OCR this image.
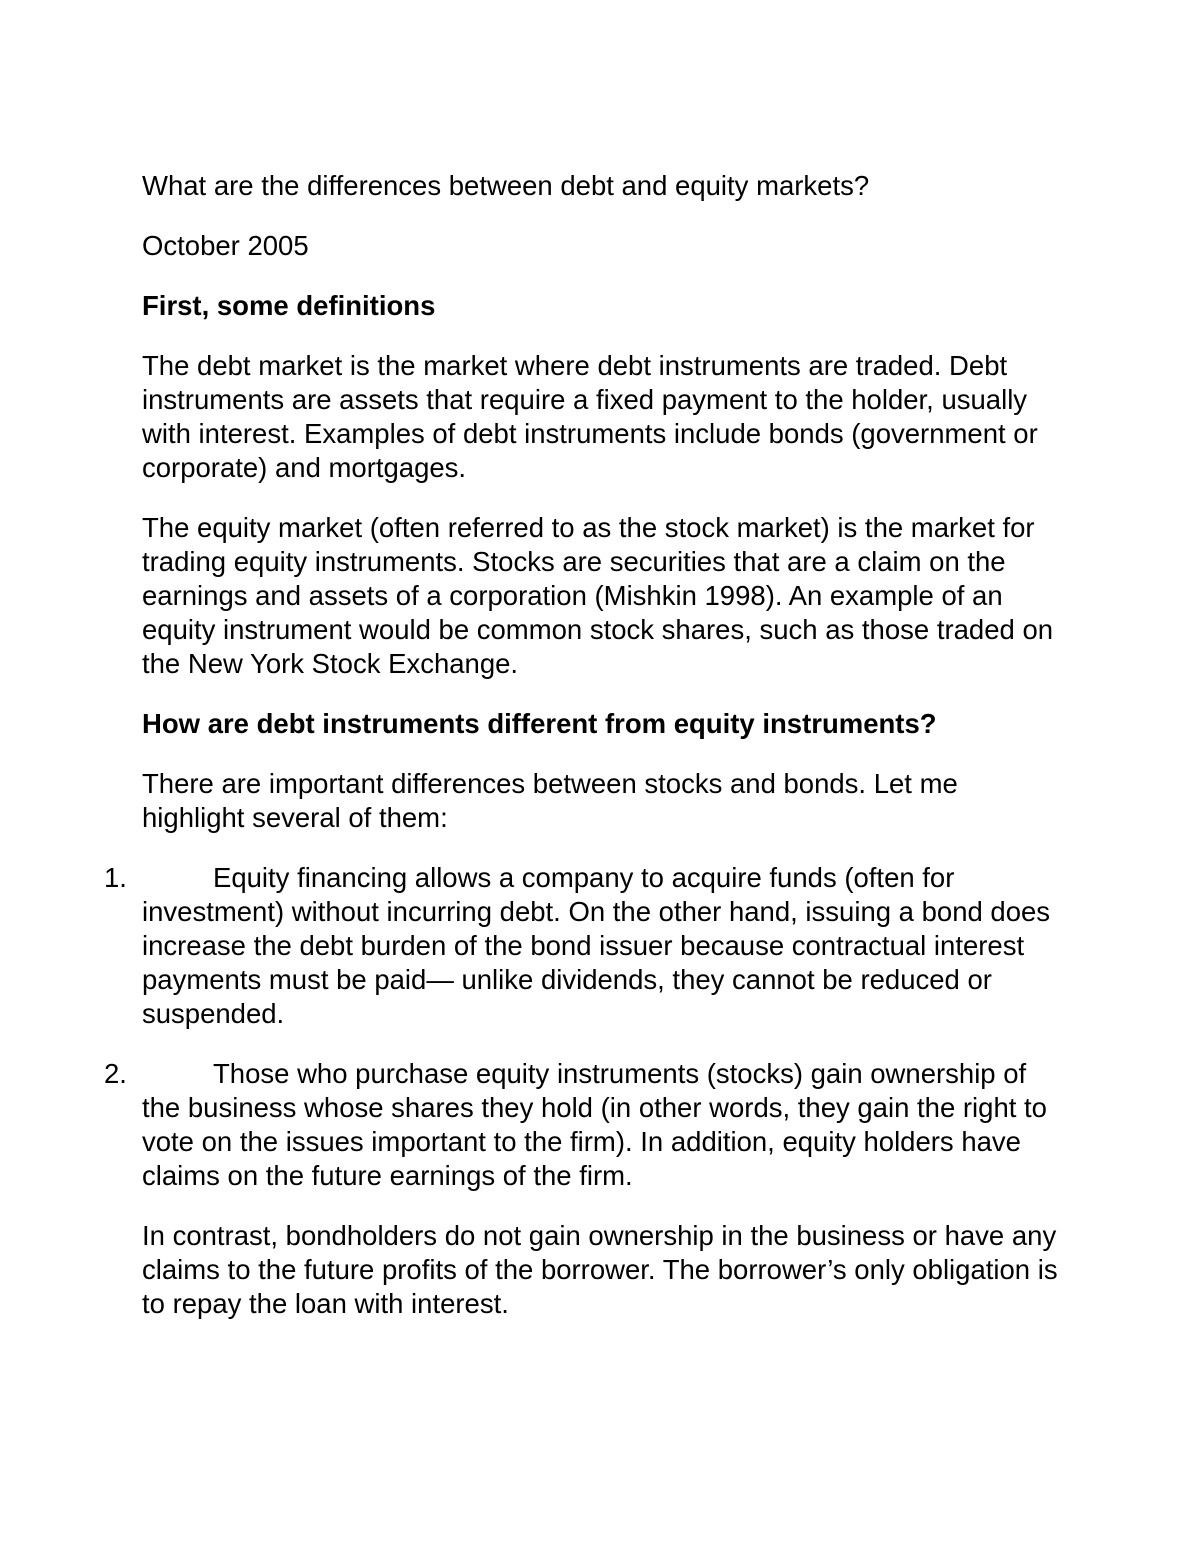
What are the differences between debt and equity markets?

October 2005

First, some definitions

The debt market is the market where debt instruments are traded. Debt instruments are assets that require a fixed payment to the holder, usually with interest. Examples of debt instruments include bonds (government or corporate) and mortgages.

The equity market (often referred to as the stock market) is the market for trading equity instruments. Stocks are securities that are a claim on the earnings and assets of a corporation (Mishkin 1998). An example of an equity instrument would be common stock shares, such as those traded on the New York Stock Exchange.

How are debt instruments different from equity instruments?

There are important differences between stocks and bonds. Let me highlight several of them:

1.	Equity financing allows a company to acquire funds (often for investment) without incurring debt. On the other hand, issuing a bond does increase the debt burden of the bond issuer because contractual interest payments must be paid— unlike dividends, they cannot be reduced or suspended.

2.	Those who purchase equity instruments (stocks) gain ownership of the business whose shares they hold (in other words, they gain the right to vote on the issues important to the firm). In addition, equity holders have claims on the future earnings of the firm.

In contrast, bondholders do not gain ownership in the business or have any claims to the future profits of the borrower. The borrower’s only obligation is to repay the loan with interest.
